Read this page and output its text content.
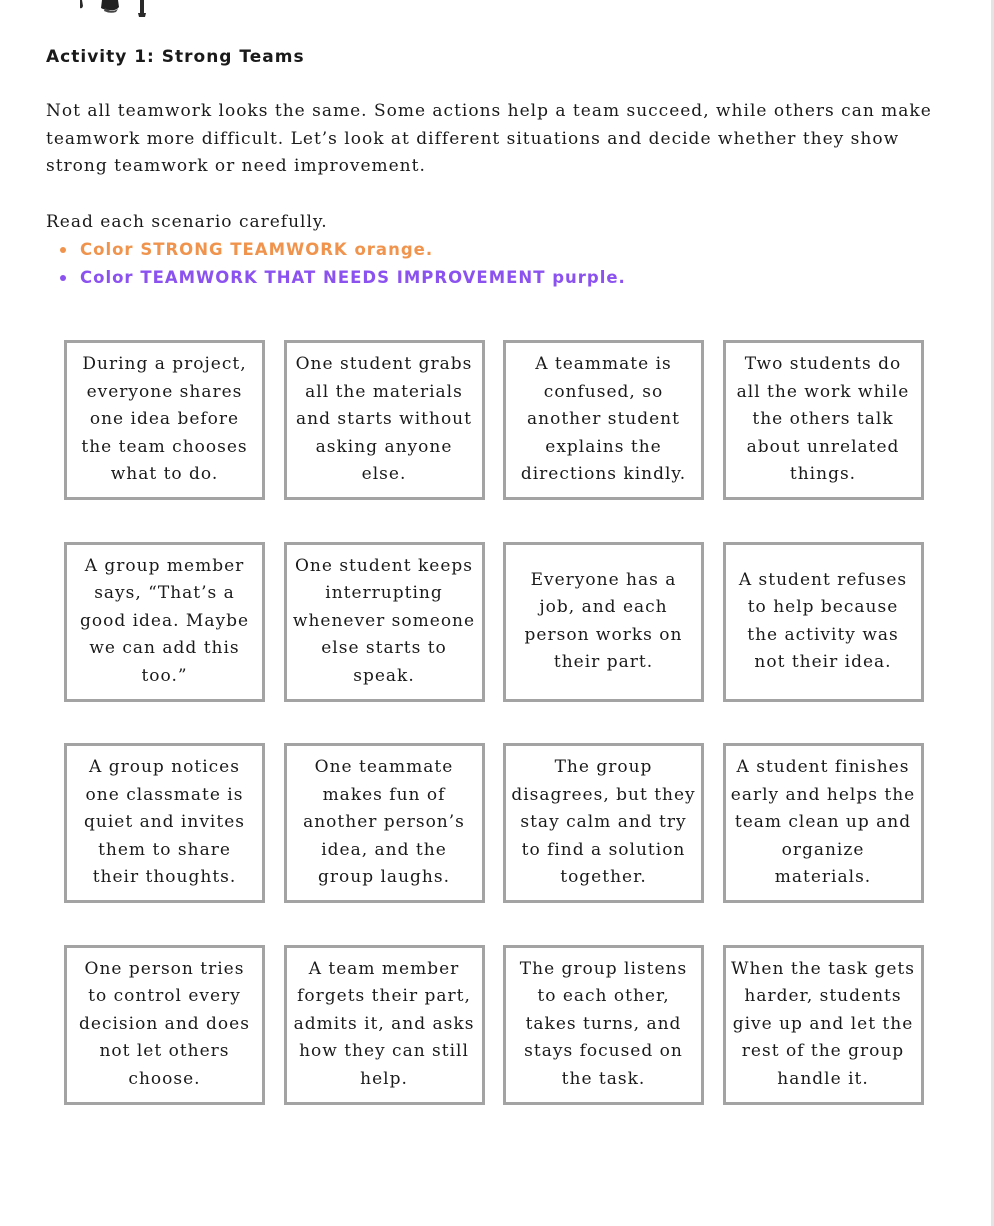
Activity 1: Strong Teams

Not all teamwork looks the same. Some actions help a team succeed, while others can make teamwork more difficult. Let’s look at different situations and decide whether they show strong teamwork or need improvement.

Read each scenario carefully.

Color STRONG TEAMWORK orange.
Color TEAMWORK THAT NEEDS IMPROVEMENT purple.
During a project, everyone shares one idea before the team chooses what to do.
One student grabs all the materials and starts without asking anyone else.
A teammate is confused, so another student explains the directions kindly.
Two students do all the work while the others talk about unrelated things.
A group member says, “That’s a good idea. Maybe we can add this too.”
One student keeps interrupting whenever someone else starts to speak.
Everyone has a job, and each person works on their part.
A student refuses to help because the activity was not their idea.
A group notices one classmate is quiet and invites them to share their thoughts.
One teammate makes fun of another person’s idea, and the group laughs.
The group disagrees, but they stay calm and try to find a solution together.
A student finishes early and helps the team clean up and organize materials.
One person tries to control every decision and does not let others choose.
A team member forgets their part, admits it, and asks how they can still help.
The group listens to each other, takes turns, and stays focused on the task.
When the task gets harder, students give up and let the rest of the group handle it.
